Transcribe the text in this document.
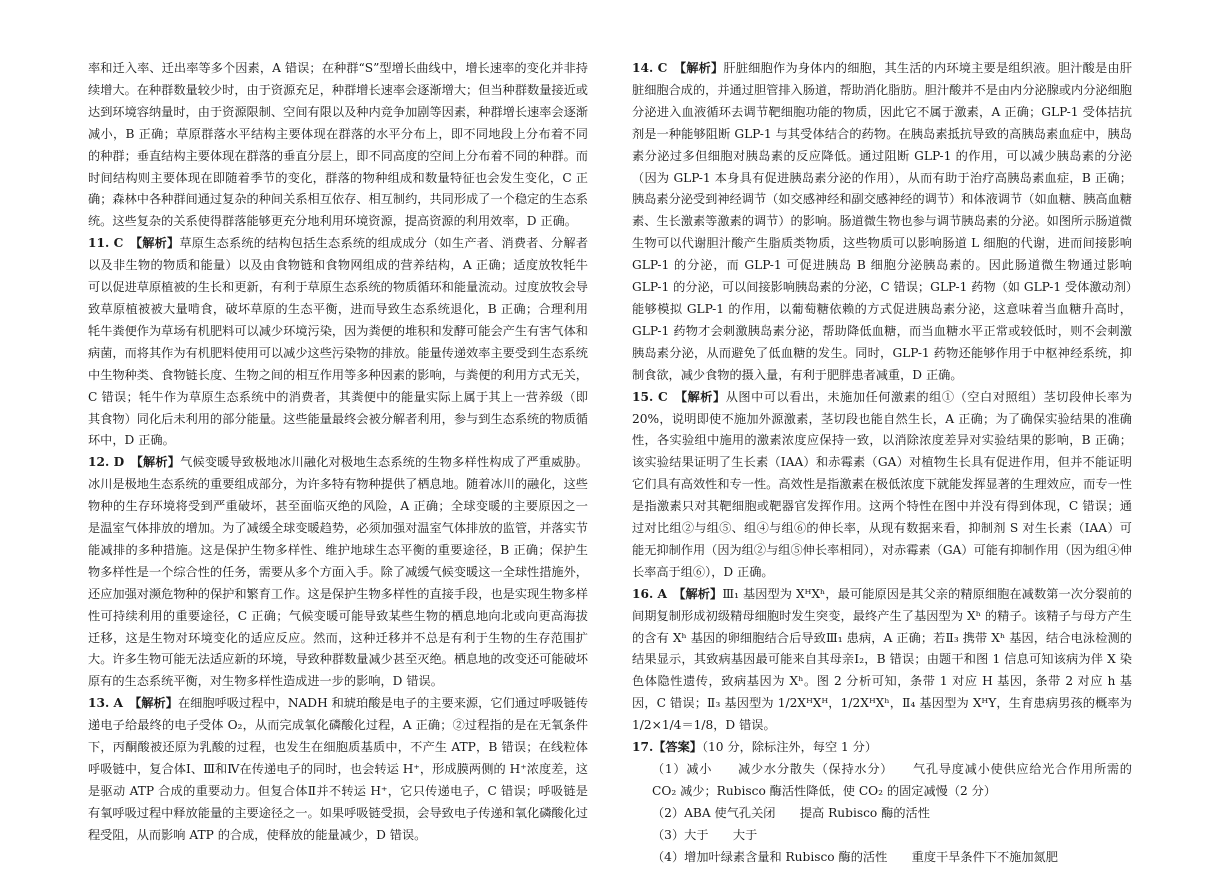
率和迁入率、迁出率等多个因素，A 错误；在种群“S”型增长曲线中，增长速率的变化并非持续增大。在种群数量较少时，由于资源充足，种群增长速率会逐渐增大；但当种群数量接近或达到环境容纳量时，由于资源限制、空间有限以及种内竞争加剧等因素，种群增长速率会逐渐减小，B 正确；草原群落水平结构主要体现在群落的水平分布上，即不同地段上分布着不同的种群；垂直结构主要体现在群落的垂直分层上，即不同高度的空间上分布着不同的种群。而时间结构则主要体现在即随着季节的变化，群落的物种组成和数量特征也会发生变化，C 正确；森林中各种群间通过复杂的种间关系相互依存、相互制约，共同形成了一个稳定的生态系统。这些复杂的关系使得群落能够更充分地利用环境资源，提高资源的利用效率，D 正确。

11. C　 【解析】草原生态系统的结构包括生态系统的组成成分（如生产者、消费者、分解者以及非生物的物质和能量）以及由食物链和食物网组成的营养结构，A 正确；适度放牧牦牛可以促进草原植被的生长和更新，有利于草原生态系统的物质循环和能量流动。过度放牧会导致草原植被被大量啃食，破坏草原的生态平衡，进而导致生态系统退化，B 正确；合理利用牦牛粪便作为草场有机肥料可以减少环境污染，因为粪便的堆积和发酵可能会产生有害气体和病菌，而将其作为有机肥料使用可以减少这些污染物的排放。能量传递效率主要受到生态系统中生物种类、食物链长度、生物之间的相互作用等多种因素的影响，与粪便的利用方式无关，C 错误；牦牛作为草原生态系统中的消费者，其粪便中的能量实际上属于其上一营养级（即其食物）同化后未利用的部分能量。这些能量最终会被分解者利用，参与到生态系统的物质循环中，D 正确。

12. D　 【解析】气候变暖导致极地冰川融化对极地生态系统的生物多样性构成了严重威胁。冰川是极地生态系统的重要组成部分，为许多特有物种提供了栖息地。随着冰川的融化，这些物种的生存环境将受到严重破坏，甚至面临灭绝的风险，A 正确；全球变暖的主要原因之一是温室气体排放的增加。为了减缓全球变暖趋势，必须加强对温室气体排放的监管，并落实节能减排的多种措施。这是保护生物多样性、维护地球生态平衡的重要途径，B 正确；保护生物多样性是一个综合性的任务，需要从多个方面入手。除了减缓气候变暖这一全球性措施外，还应加强对濒危物种的保护和繁育工作。这是保护生物多样性的直接手段，也是实现生物多样性可持续利用的重要途径，C 正确；气候变暖可能导致某些生物的栖息地向北或向更高海拔迁移，这是生物对环境变化的适应反应。然而，这种迁移并不总是有利于生物的生存范围扩大。许多生物可能无法适应新的环境，导致种群数量减少甚至灭绝。栖息地的改变还可能破坏原有的生态系统平衡，对生物多样性造成进一步的影响，D 错误。

13. A　 【解析】在细胞呼吸过程中，NADH 和琥珀酸是电子的主要来源，它们通过呼吸链传递电子给最终的电子受体 O₂，从而完成氧化磷酸化过程，A 正确；②过程指的是在无氧条件下，丙酮酸被还原为乳酸的过程，也发生在细胞质基质中，不产生 ATP，B 错误；在线粒体呼吸链中，复合体Ⅰ、Ⅲ和Ⅳ在传递电子的同时，也会转运 H⁺，形成膜两侧的 H⁺浓度差，这是驱动 ATP 合成的重要动力。但复合体Ⅱ并不转运 H⁺，它只传递电子，C 错误；呼吸链是有氧呼吸过程中释放能量的主要途径之一。如果呼吸链受损，会导致电子传递和氧化磷酸化过程受阻，从而影响 ATP 的合成，使释放的能量减少，D 错误。

14. C　 【解析】肝脏细胞作为身体内的细胞，其生活的内环境主要是组织液。胆汁酸是由肝脏细胞合成的，并通过胆管排入肠道，帮助消化脂肪。胆汁酸并不是由内分泌腺或内分泌细胞分泌进入血液循环去调节靶细胞功能的物质，因此它不属于激素，A 正确；GLP-1 受体拮抗剂是一种能够阻断 GLP-1 与其受体结合的药物。在胰岛素抵抗导致的高胰岛素血症中，胰岛素分泌过多但细胞对胰岛素的反应降低。通过阻断 GLP-1 的作用，可以减少胰岛素的分泌（因为 GLP-1 本身具有促进胰岛素分泌的作用），从而有助于治疗高胰岛素血症，B 正确；胰岛素分泌受到神经调节（如交感神经和副交感神经的调节）和体液调节（如血糖、胰高血糖素、生长激素等激素的调节）的影响。肠道微生物也参与调节胰岛素的分泌。如图所示肠道微生物可以代谢胆汁酸产生脂质类物质，这些物质可以影响肠道 L 细胞的代谢，进而间接影响 GLP-1 的分泌，而 GLP-1 可促进胰岛 B 细胞分泌胰岛素的。因此肠道微生物通过影响 GLP-1 的分泌，可以间接影响胰岛素的分泌，C 错误；GLP-1 药物（如 GLP-1 受体激动剂）能够模拟 GLP-1 的作用，以葡萄糖依赖的方式促进胰岛素分泌，这意味着当血糖升高时，GLP-1 药物才会刺激胰岛素分泌，帮助降低血糖，而当血糖水平正常或较低时，则不会刺激胰岛素分泌，从而避免了低血糖的发生。同时，GLP-1 药物还能够作用于中枢神经系统，抑制食欲，减少食物的摄入量，有利于肥胖患者减重，D 正确。

15. C　 【解析】从图中可以看出，未施加任何激素的组①（空白对照组）茎切段伸长率为 20%，说明即使不施加外源激素，茎切段也能自然生长，A 正确；为了确保实验结果的准确性，各实验组中施用的激素浓度应保持一致，以消除浓度差异对实验结果的影响，B 正确；该实验结果证明了生长素（IAA）和赤霉素（GA）对植物生长具有促进作用，但并不能证明它们具有高效性和专一性。高效性是指激素在极低浓度下就能发挥显著的生理效应，而专一性是指激素只对其靶细胞或靶器官发挥作用。这两个特性在图中并没有得到体现，C 错误；通过对比组②与组⑤、组④与组⑥的伸长率，从现有数据来看，抑制剂 S 对生长素（IAA）可能无抑制作用（因为组②与组⑤伸长率相同），对赤霉素（GA）可能有抑制作用（因为组④伸长率高于组⑥），D 正确。

16. A　 【解析】Ⅲ₁ 基因型为 XᴴXʰ，最可能原因是其父亲的精原细胞在减数第一次分裂前的间期复制形成初级精母细胞时发生突变，最终产生了基因型为 Xʰ 的精子。该精子与母方产生的含有 Xʰ 基因的卵细胞结合后导致Ⅲ₁ 患病，A 正确；若Ⅱ₃ 携带 Xʰ 基因，结合电泳检测的结果显示，其致病基因最可能来自其母亲Ⅰ₂，B 错误；由题干和图 1 信息可知该病为伴 X 染色体隐性遗传，致病基因为 Xʰ。图 2 分析可知，条带 1 对应 H 基因，条带 2 对应 h 基因，C 错误；Ⅱ₃ 基因型为 1/2XᴴXᴴ，1/2XᴴXʰ，Ⅱ₄ 基因型为 XᴴY，生育患病男孩的概率为 1/2×1/4＝1/8，D 错误。

17.【答案】（10 分，除标注外，每空 1 分）

（1）减小　　减少水分散失（保持水分）　　气孔导度减小使供应给光合作用所需的 CO₂ 减少；Rubisco 酶活性降低，使 CO₂ 的固定减慢（2 分）

（2）ABA 使气孔关闭　　提高 Rubisco 酶的活性

（3）大于　　大于

（4）增加叶绿素含量和 Rubisco 酶的活性　　重度干旱条件下不施加氮肥
